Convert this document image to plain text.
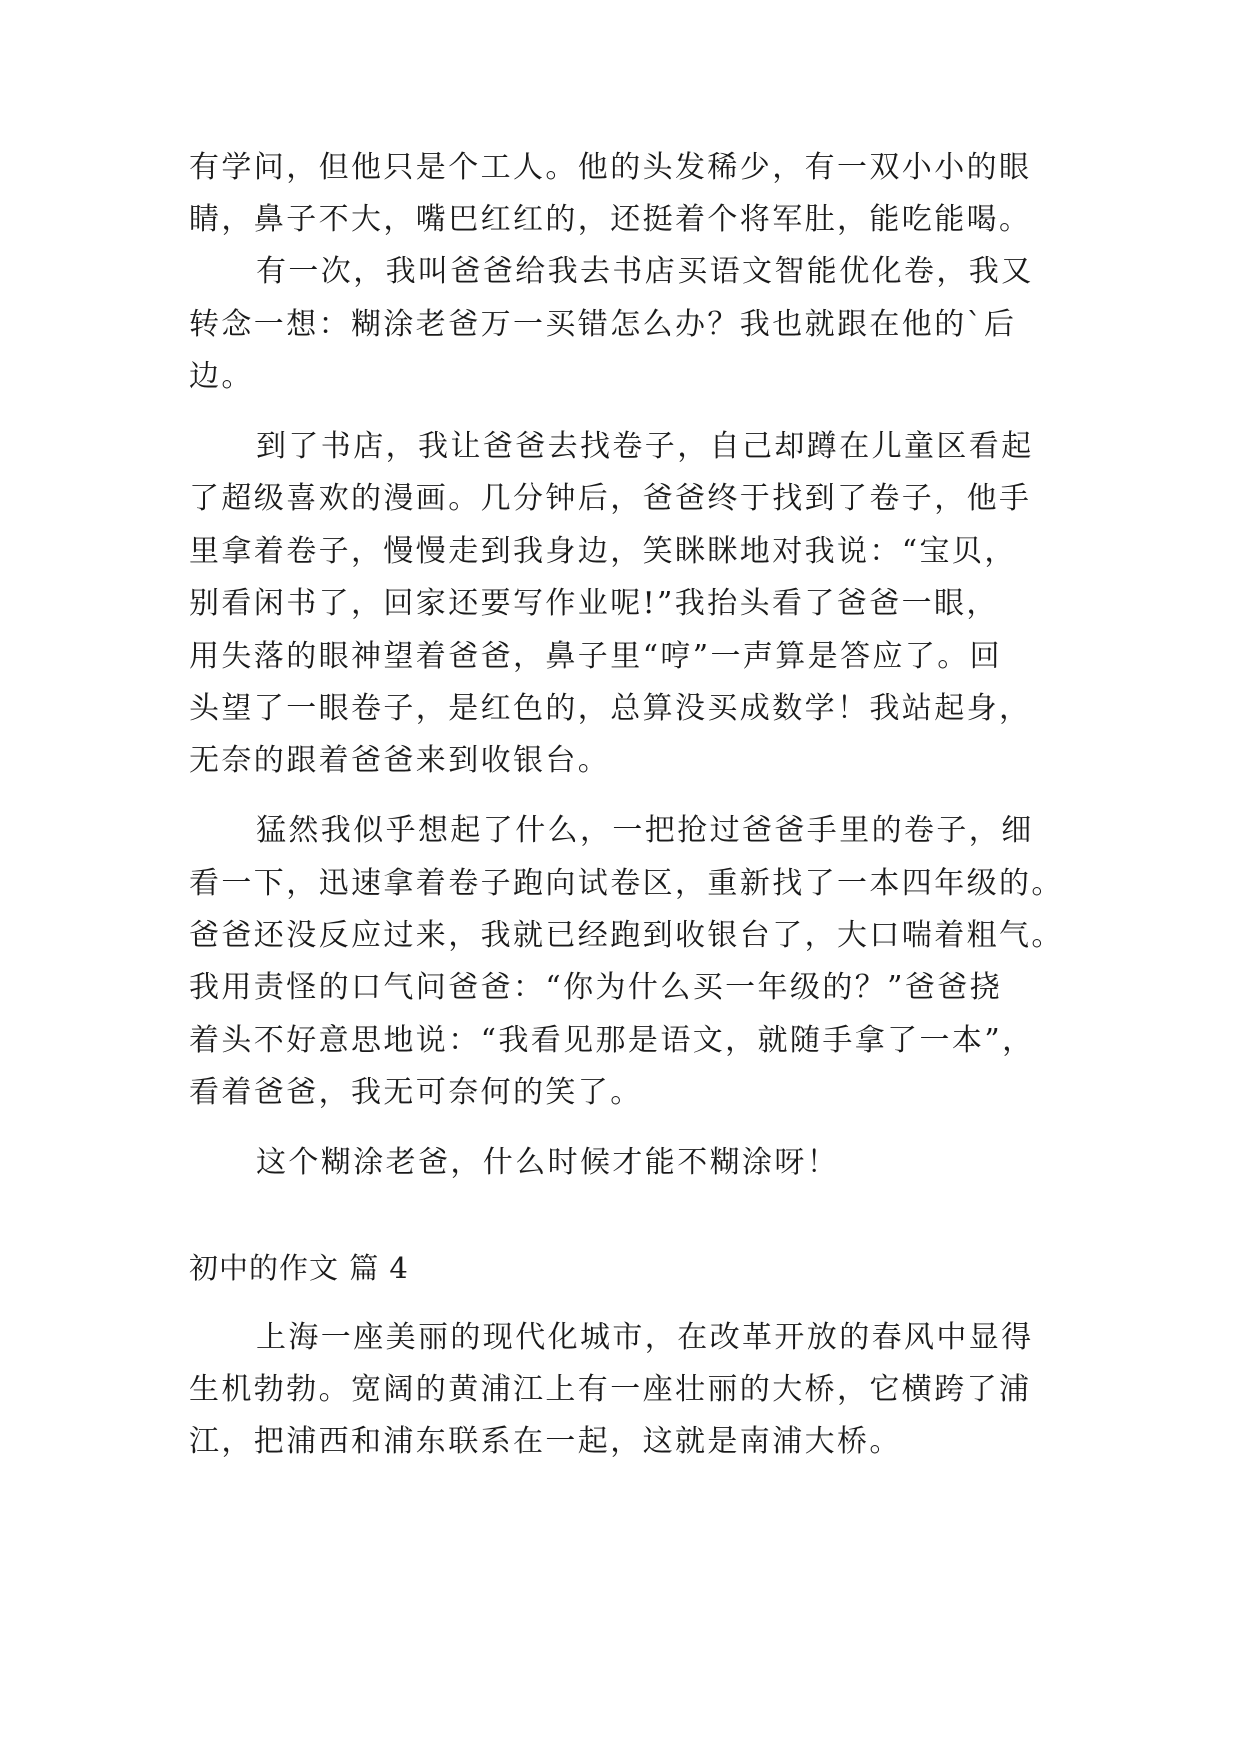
有学问，但他只是个工人。他的头发稀少，有一双小小的眼
睛，鼻子不大，嘴巴红红的，还挺着个将军肚，能吃能喝。
有一次，我叫爸爸给我去书店买语文智能优化卷，我又
转念一想：糊涂老爸万一买错怎么办？我也就跟在他的`后
边。
到了书店，我让爸爸去找卷子，自己却蹲在儿童区看起
了超级喜欢的漫画。几分钟后，爸爸终于找到了卷子，他手
里拿着卷子，慢慢走到我身边，笑眯眯地对我说：“宝贝，
别看闲书了，回家还要写作业呢!”我抬头看了爸爸一眼，
用失落的眼神望着爸爸，鼻子里“哼”一声算是答应了。回
头望了一眼卷子，是红色的，总算没买成数学！我站起身，
无奈的跟着爸爸来到收银台。
猛然我似乎想起了什么，一把抢过爸爸手里的卷子，细
看一下，迅速拿着卷子跑向试卷区，重新找了一本四年级的。
爸爸还没反应过来，我就已经跑到收银台了，大口喘着粗气。
我用责怪的口气问爸爸：“你为什么买一年级的？”爸爸挠
着头不好意思地说：“我看见那是语文，就随手拿了一本”，
看着爸爸，我无可奈何的笑了。
这个糊涂老爸，什么时候才能不糊涂呀！
初中的作文 篇 4
上海一座美丽的现代化城市，在改革开放的春风中显得
生机勃勃。宽阔的黄浦江上有一座壮丽的大桥，它横跨了浦
江，把浦西和浦东联系在一起，这就是南浦大桥。
